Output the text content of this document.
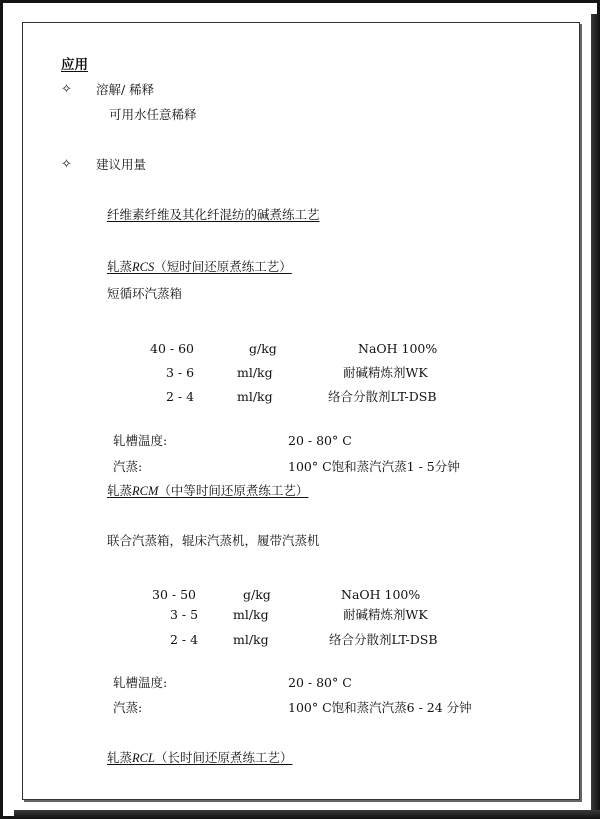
应用
✧ 溶解/ 稀释
可用水任意稀释
✧ 建议用量
纤维素纤维及其化纤混纺的碱煮练工艺
轧蒸RCS（短时间还原煮练工艺）
短循环汽蒸箱
40 - 60	g/kg	NaOH 100%
3 - 6	ml/kg	耐碱精炼剂WK
2 - 4	ml/kg	络合分散剂LT-DSB
轧槽温度:	20 - 80° C
汽蒸:	100° C饱和蒸汽汽蒸1 - 5分钟
轧蒸RCM（中等时间还原煮练工艺）
联合汽蒸箱，辊床汽蒸机，履带汽蒸机
30 - 50	g/kg	NaOH 100%
3 - 5	ml/kg	耐碱精炼剂WK
2 - 4	ml/kg	络合分散剂LT-DSB
轧槽温度:	20 - 80° C
汽蒸:	100° C饱和蒸汽汽蒸6 - 24 分钟
轧蒸RCL（长时间还原煮练工艺）
